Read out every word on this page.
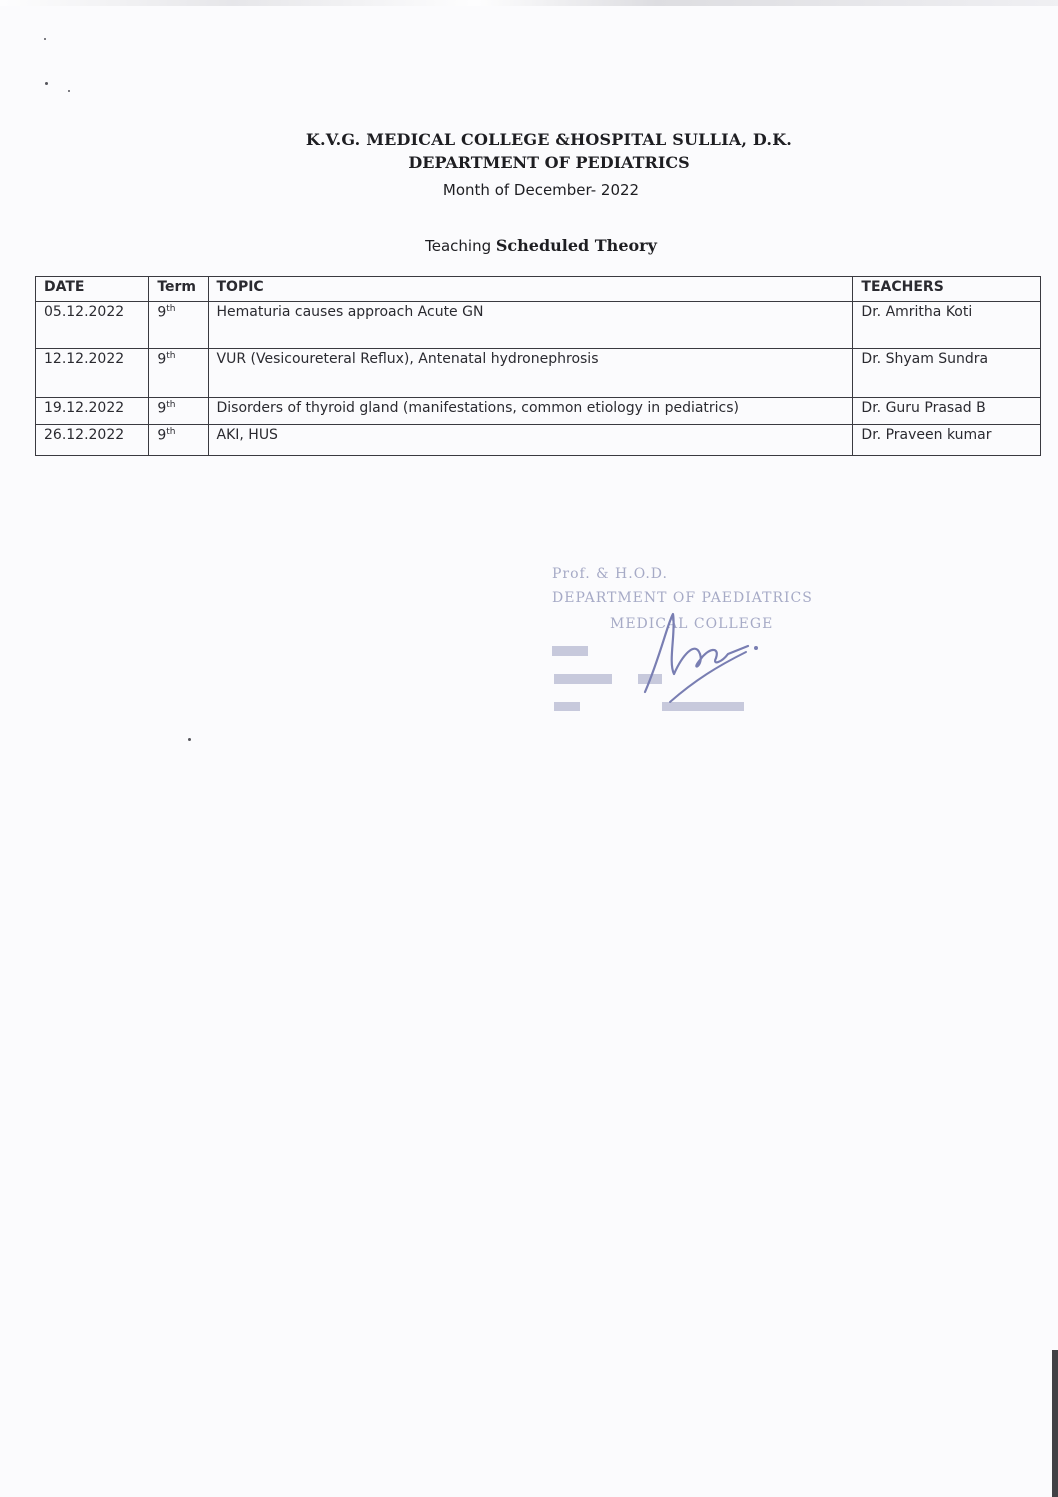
K.V.G. MEDICAL COLLEGE &HOSPITAL SULLIA, D.K.
DEPARTMENT OF PEDIATRICS
Month of December- 2022
Teaching Scheduled Theory
DATE	Term	TOPIC	TEACHERS
05.12.2022	9th	Hematuria causes approach Acute GN	Dr. Amritha Koti
12.12.2022	9th	VUR (Vesicoureteral Reflux), Antenatal hydronephrosis	Dr. Shyam Sundra
19.12.2022	9th	Disorders of thyroid gland (manifestations, common etiology in pediatrics)	Dr. Guru Prasad B
26.12.2022	9th	AKI, HUS	Dr. Praveen kumar
Prof. & H.O.D.
DEPARTMENT OF PAEDIATRICS
MEDICAL COLLEGE
